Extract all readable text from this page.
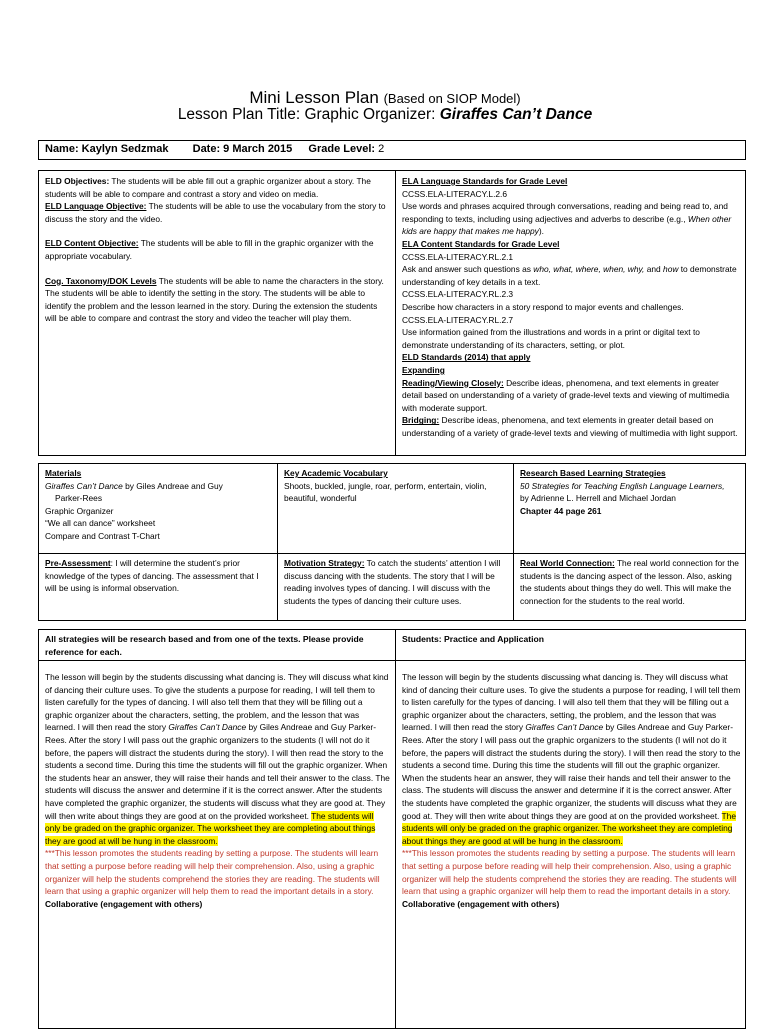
Mini Lesson Plan (Based on SIOP Model)
Lesson Plan Title: Graphic Organizer: Giraffes Can’t Dance
Name: Kaylyn Sedzmak Date: 9 March 2015 Grade Level: 2

ELD Objectives: The students will be able fill out a graphic organizer about a story. The students will be able to compare and contrast a story and video on media.

ELD Language Objective: The students will be able to use the vocabulary from the story to discuss the story and the video.

ELD Content Objective: The students will be able to fill in the graphic organizer with the appropriate vocabulary.

Cog. Taxonomy/DOK Levels The students will be able to name the characters in the story. The students will be able to identify the setting in the story. The students will be able to identify the problem and the lesson learned in the story. During the extension the students will be able to compare and contrast the story and video the teacher will play them.

ELA Language Standards for Grade Level

CCSS.ELA-LITERACY.L.2.6

Use words and phrases acquired through conversations, reading and being read to, and responding to texts, including using adjectives and adverbs to describe (e.g., When other kids are happy that makes me happy).

ELA Content Standards for Grade Level

CCSS.ELA-LITERACY.RL.2.1

Ask and answer such questions as who, what, where, when, why, and how to demonstrate understanding of key details in a text.

CCSS.ELA-LITERACY.RL.2.3

Describe how characters in a story respond to major events and challenges.

CCSS.ELA-LITERACY.RL.2.7

Use information gained from the illustrations and words in a print or digital text to demonstrate understanding of its characters, setting, or plot.

ELD Standards (2014) that apply

Expanding

Reading/Viewing Closely: Describe ideas, phenomena, and text elements in greater detail based on understanding of a variety of grade-level texts and viewing of multimedia with moderate support.

Bridging: Describe ideas, phenomena, and text elements in greater detail based on understanding of a variety of grade-level texts and viewing of multimedia with light support.

Materials

Giraffes Can’t Dance by Giles Andreae and Guy

Parker-Rees

Graphic Organizer

“We all can dance” worksheet

Compare and Contrast T-Chart

Key Academic Vocabulary

Shoots, buckled, jungle, roar, perform, entertain, violin, beautiful, wonderful

Research Based Learning Strategies

50 Strategies for Teaching English Language Learners,

by Adrienne L. Herrell and Michael Jordan

Chapter 44 page 261

Pre-Assessment: I will determine the student’s prior knowledge of the types of dancing. The assessment that I will be using is informal observation.

Motivation Strategy: To catch the students’ attention I will discuss dancing with the students. The story that I will be reading involves types of dancing. I will discuss with the students the types of dancing their culture uses.

Real World Connection: The real world connection for the students is the dancing aspect of the lesson. Also, asking the students about things they do well. This will make the connection for the students to the real world.

All strategies will be research based and from one of the texts. Please provide reference for each.

Students: Practice and Application

The lesson will begin by the students discussing what dancing is. They will discuss what kind of dancing their culture uses. To give the students a purpose for reading, I will tell them to listen carefully for the types of dancing. I will also tell them that they will be filling out a graphic organizer about the characters, setting, the problem, and the lesson that was learned. I will then read the story Giraffes Can’t Dance by Giles Andreae and Guy Parker-Rees. After the story I will pass out the graphic organizers to the students (I will not do it before, the papers will distract the students during the story). I will then read the story to the students a second time. During this time the students will fill out the graphic organizer. When the students hear an answer, they will raise their hands and tell their answer to the class. The students will discuss the answer and determine if it is the correct answer. After the students have completed the graphic organizer, the students will discuss what they are good at. They will then write about things they are good at on the provided worksheet. The students will only be graded on the graphic organizer. The worksheet they are completing about things they are good at will be hung in the classroom.

***This lesson promotes the students reading by setting a purpose. The students will learn that setting a purpose before reading will help their comprehension. Also, using a graphic organizer will help the students comprehend the stories they are reading. The students will learn that using a graphic organizer will help them to read the important details in a story.

Collaborative (engagement with others)

The lesson will begin by the students discussing what dancing is. They will discuss what kind of dancing their culture uses. To give the students a purpose for reading, I will tell them to listen carefully for the types of dancing. I will also tell them that they will be filling out a graphic organizer about the characters, setting, the problem, and the lesson that was learned. I will then read the story Giraffes Can’t Dance by Giles Andreae and Guy Parker-Rees. After the story I will pass out the graphic organizers to the students (I will not do it before, the papers will distract the students during the story). I will then read the story to the students a second time. During this time the students will fill out the graphic organizer. When the students hear an answer, they will raise their hands and tell their answer to the class. The students will discuss the answer and determine if it is the correct answer. After the students have completed the graphic organizer, the students will discuss what they are good at. They will then write about things they are good at on the provided worksheet. The students will only be graded on the graphic organizer. The worksheet they are completing about things they are good at will be hung in the classroom.

***This lesson promotes the students reading by setting a purpose. The students will learn that setting a purpose before reading will help their comprehension. Also, using a graphic organizer will help the students comprehend the stories they are reading. The students will learn that using a graphic organizer will help them to read the important details in a story.

Collaborative (engagement with others)
